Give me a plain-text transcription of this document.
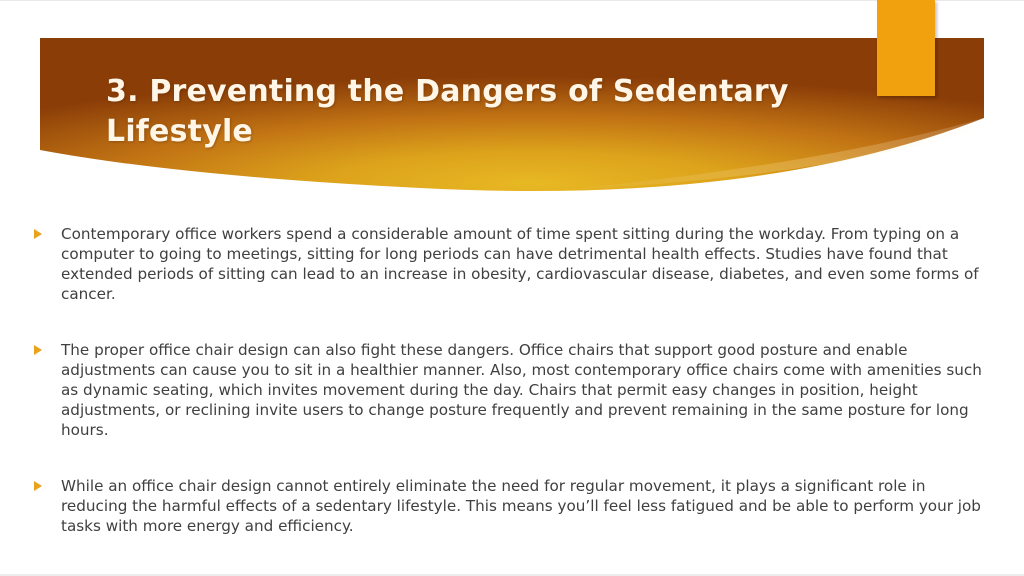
3. Preventing the Dangers of Sedentary Lifestyle
Contemporary office workers spend a considerable amount of time spent sitting during the workday. From typing on a computer to going to meetings, sitting for long periods can have detrimental health effects. Studies have found that extended periods of sitting can lead to an increase in obesity, cardiovascular disease, diabetes, and even some forms of cancer.
The proper office chair design can also fight these dangers. Office chairs that support good posture and enable adjustments can cause you to sit in a healthier manner. Also, most contemporary office chairs come with amenities such as dynamic seating, which invites movement during the day. Chairs that permit easy changes in position, height adjustments, or reclining invite users to change posture frequently and prevent remaining in the same posture for long hours.
While an office chair design cannot entirely eliminate the need for regular movement, it plays a significant role in reducing the harmful effects of a sedentary lifestyle. This means you’ll feel less fatigued and be able to perform your job tasks with more energy and efficiency.
